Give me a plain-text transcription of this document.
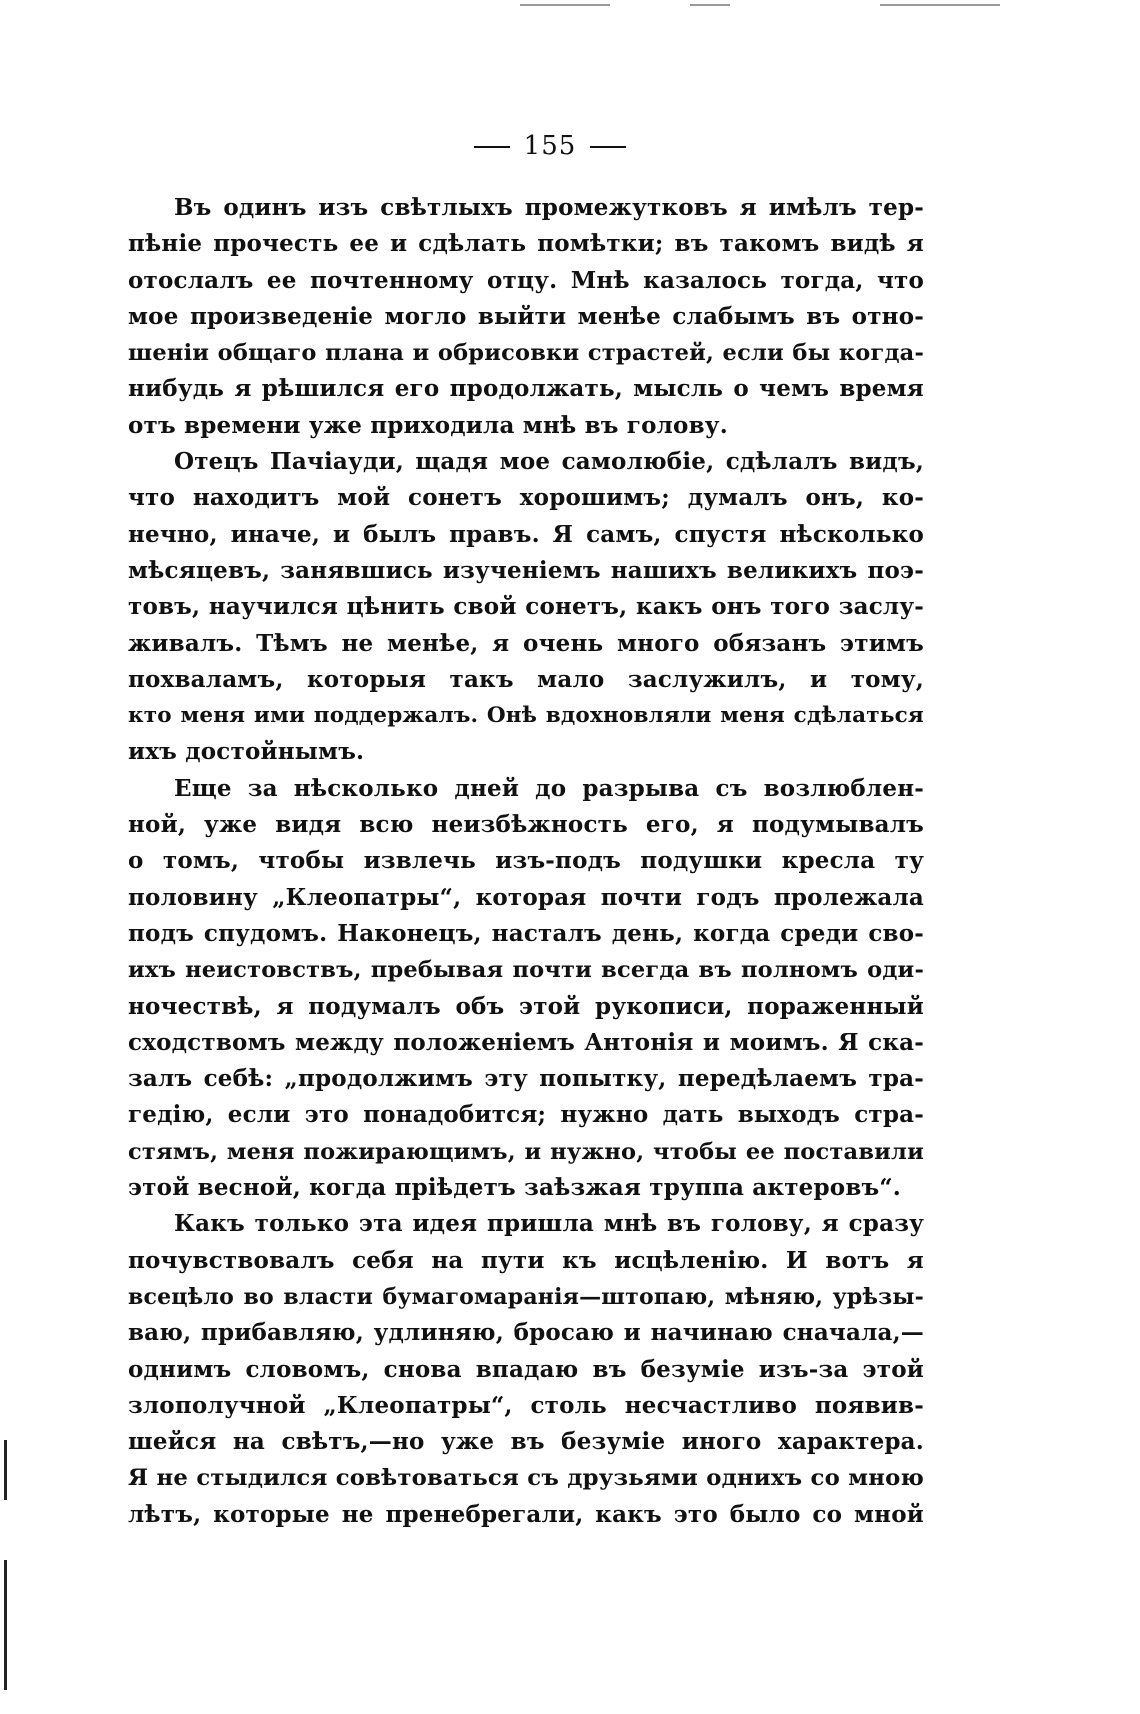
155
Въ одинъ изъ свѣтлыхъ промежутковъ я имѣлъ тер-
пѣніе прочесть ее и сдѣлать помѣтки; въ такомъ видѣ я
отослалъ ее почтенному отцу. Мнѣ казалось тогда, что
мое произведеніе могло выйти менѣе слабымъ въ отно-
шеніи общаго плана и обрисовки страстей, если бы когда-
нибудь я рѣшился его продолжать, мысль о чемъ время
отъ времени уже приходила мнѣ въ голову.
Отецъ Пачіауди, щадя мое самолюбіе, сдѣлалъ видъ,
что находитъ мой сонетъ хорошимъ; думалъ онъ, ко-
нечно, иначе, и былъ правъ. Я самъ, спустя нѣсколько
мѣсяцевъ, занявшись изученіемъ нашихъ великихъ поэ-
товъ, научился цѣнить свой сонетъ, какъ онъ того заслу-
живалъ. Тѣмъ не менѣе, я очень много обязанъ этимъ
похваламъ, которыя такъ мало заслужилъ, и тому,
кто меня ими поддержалъ. Онѣ вдохновляли меня сдѣлаться
ихъ достойнымъ.
Еще за нѣсколько дней до разрыва съ возлюблен-
ной, уже видя всю неизбѣжность его, я подумывалъ
о томъ, чтобы извлечь изъ-подъ подушки кресла ту
половину „Клеопатры“, которая почти годъ пролежала
подъ спудомъ. Наконецъ, насталъ день, когда среди сво-
ихъ неистовствъ, пребывая почти всегда въ полномъ оди-
ночествѣ, я подумалъ объ этой рукописи, пораженный
сходствомъ между положеніемъ Антонія и моимъ. Я ска-
залъ себѣ: „продолжимъ эту попытку, передѣлаемъ тра-
гедію, если это понадобится; нужно дать выходъ стра-
стямъ, меня пожирающимъ, и нужно, чтобы ее поставили
этой весной, когда пріѣдетъ заѣзжая труппа актеровъ“.
Какъ только эта идея пришла мнѣ въ голову, я сразу
почувствовалъ себя на пути къ исцѣленію. И вотъ я
всецѣло во власти бумагомаранія—штопаю, мѣняю, урѣзы-
ваю, прибавляю, удлиняю, бросаю и начинаю сначала,—
однимъ словомъ, снова впадаю въ безуміе изъ-за этой
злополучной „Клеопатры“, столь несчастливо появив-
шейся на свѣтъ,—но уже въ безуміе иного характера.
Я не стыдился совѣтоваться съ друзьями однихъ со мною
лѣтъ, которые не пренебрегали, какъ это было со мной
